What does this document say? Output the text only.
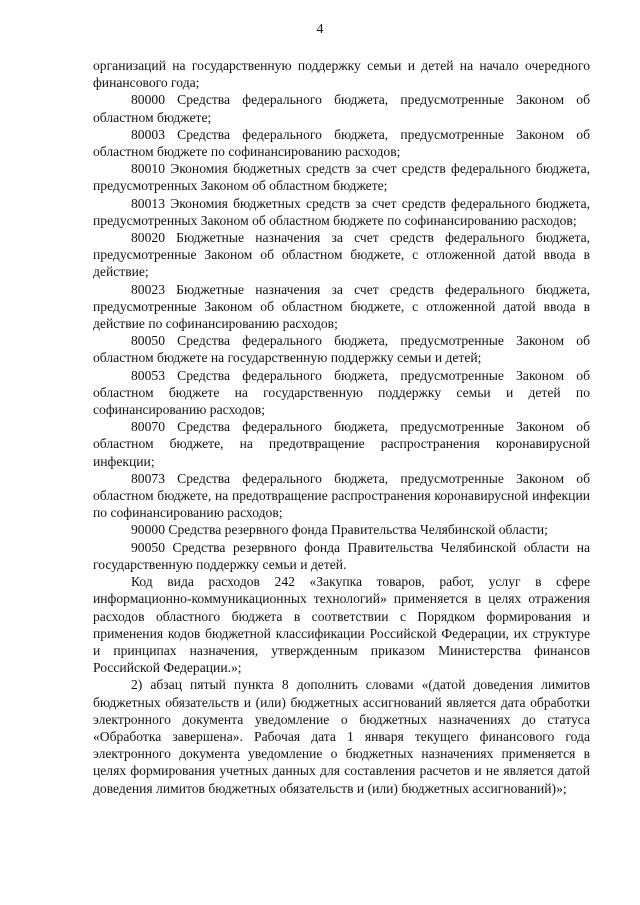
4

организаций на государственную поддержку семьи и детей на начало очередного финансового года;

80000 Средства федерального бюджета, предусмотренные Законом об областном бюджете;

80003 Средства федерального бюджета, предусмотренные Законом об областном бюджете по софинансированию расходов;

80010 Экономия бюджетных средств за счет средств федерального бюджета, предусмотренных Законом об областном бюджете;

80013 Экономия бюджетных средств за счет средств федерального бюджета, предусмотренных Законом об областном бюджете по софинансированию расходов;

80020 Бюджетные назначения за счет средств федерального бюджета, предусмотренные Законом об областном бюджете, с отложенной датой ввода в действие;

80023 Бюджетные назначения за счет средств федерального бюджета, предусмотренные Законом об областном бюджете, с отложенной датой ввода в действие по софинансированию расходов;

80050 Средства федерального бюджета, предусмотренные Законом об областном бюджете на государственную поддержку семьи и детей;

80053 Средства федерального бюджета, предусмотренные Законом об областном бюджете на государственную поддержку семьи и детей по софинансированию расходов;

80070 Средства федерального бюджета, предусмотренные Законом об областном бюджете, на предотвращение распространения коронавирусной инфекции;

80073 Средства федерального бюджета, предусмотренные Законом об областном бюджете, на предотвращение распространения коронавирусной инфекции по софинансированию расходов;

90000 Средства резервного фонда Правительства Челябинской области;

90050 Средства резервного фонда Правительства Челябинской области на государственную поддержку семьи и детей.

Код вида расходов 242 «Закупка товаров, работ, услуг в сфере информационно-коммуникационных технологий» применяется в целях отражения расходов областного бюджета в соответствии с Порядком формирования и применения кодов бюджетной классификации Российской Федерации, их структуре и принципах назначения, утвержденным приказом Министерства финансов Российской Федерации.»;

2) абзац пятый пункта 8 дополнить словами «(датой доведения лимитов бюджетных обязательств и (или) бюджетных ассигнований является дата обработки электронного документа уведомление о бюджетных назначениях до статуса «Обработка завершена». Рабочая дата 1 января текущего финансового года электронного документа уведомление о бюджетных назначениях применяется в целях формирования учетных данных для составления расчетов и не является датой доведения лимитов бюджетных обязательств и (или) бюджетных ассигнований)»;
